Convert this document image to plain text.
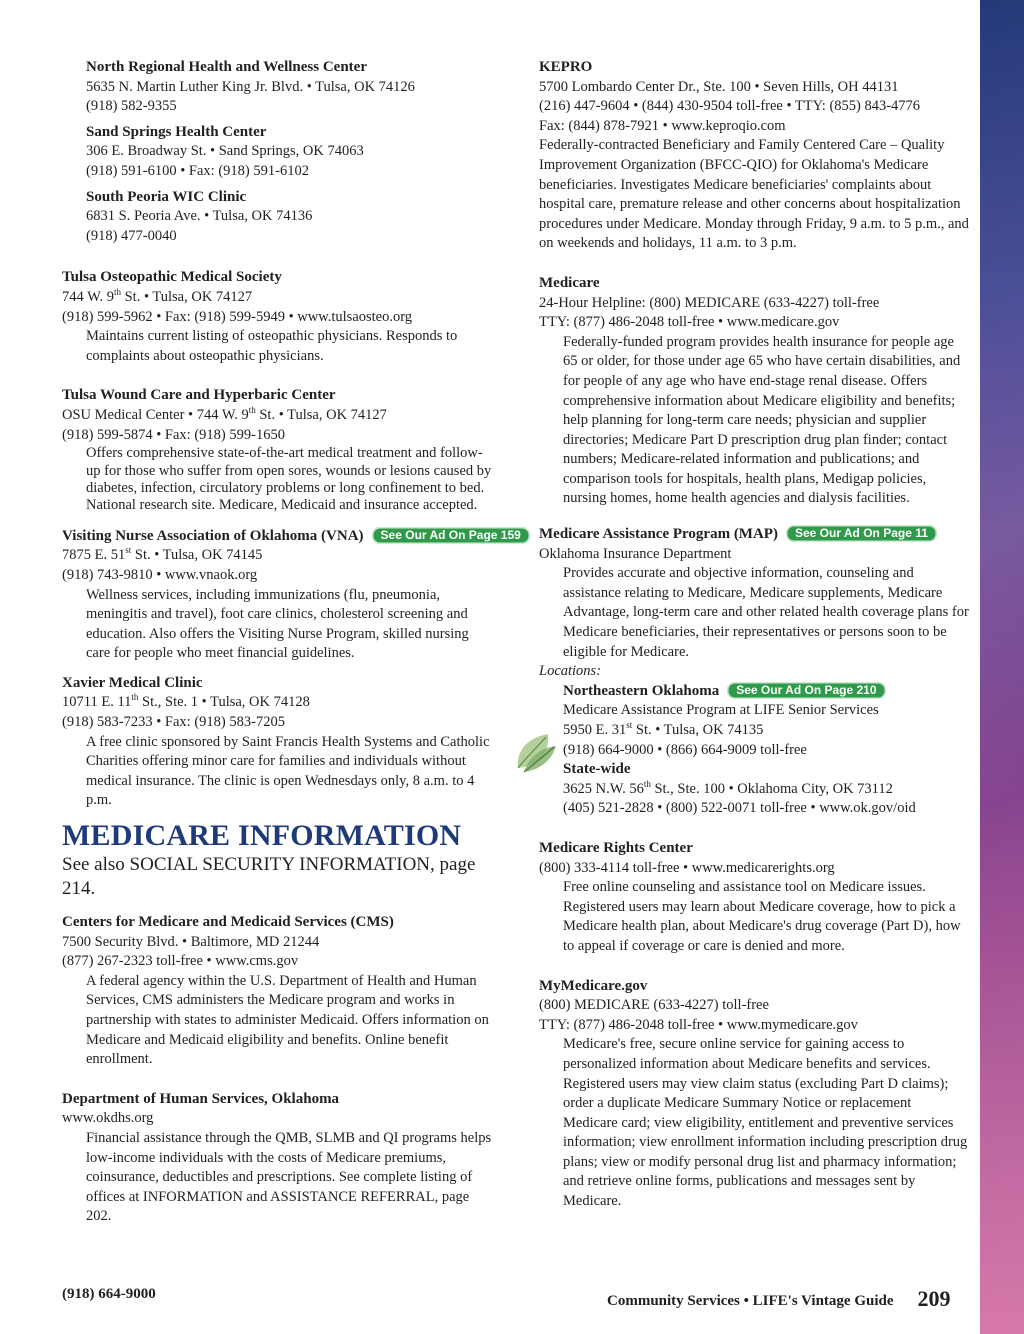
North Regional Health and Wellness Center
5635 N. Martin Luther King Jr. Blvd. • Tulsa, OK 74126
(918) 582-9355
Sand Springs Health Center
306 E. Broadway St. • Sand Springs, OK 74063
(918) 591-6100 • Fax: (918) 591-6102
South Peoria WIC Clinic
6831 S. Peoria Ave. • Tulsa, OK 74136
(918) 477-0040
Tulsa Osteopathic Medical Society
744 W. 9th St. • Tulsa, OK 74127
(918) 599-5962 • Fax: (918) 599-5949 • www.tulsaosteo.org
Maintains current listing of osteopathic physicians. Responds to complaints about osteopathic physicians.
Tulsa Wound Care and Hyperbaric Center
OSU Medical Center • 744 W. 9th St. • Tulsa, OK 74127
(918) 599-5874 • Fax: (918) 599-1650
Offers comprehensive state-of-the-art medical treatment and follow-up for those who suffer from open sores, wounds or lesions caused by diabetes, infection, circulatory problems or long confinement to bed. National research site. Medicare, Medicaid and insurance accepted.
Visiting Nurse Association of Oklahoma (VNA) See Our Ad On Page 159
7875 E. 51st St. • Tulsa, OK 74145
(918) 743-9810 • www.vnaok.org
Wellness services, including immunizations (flu, pneumonia, meningitis and travel), foot care clinics, cholesterol screening and education. Also offers the Visiting Nurse Program, skilled nursing care for people who meet financial guidelines.
Xavier Medical Clinic
10711 E. 11th St., Ste. 1 • Tulsa, OK 74128
(918) 583-7233 • Fax: (918) 583-7205
A free clinic sponsored by Saint Francis Health Systems and Catholic Charities offering minor care for families and individuals without medical insurance. The clinic is open Wednesdays only, 8 a.m. to 4 p.m.
MEDICARE INFORMATION
See also SOCIAL SECURITY INFORMATION, page 214.
Centers for Medicare and Medicaid Services (CMS)
7500 Security Blvd. • Baltimore, MD 21244
(877) 267-2323 toll-free • www.cms.gov
A federal agency within the U.S. Department of Health and Human Services, CMS administers the Medicare program and works in partnership with states to administer Medicaid. Offers information on Medicare and Medicaid eligibility and benefits. Online benefit enrollment.
Department of Human Services, Oklahoma
www.okdhs.org
Financial assistance through the QMB, SLMB and QI programs helps low-income individuals with the costs of Medicare premiums, coinsurance, deductibles and prescriptions. See complete listing of offices at INFORMATION and ASSISTANCE REFERRAL, page 202.
KEPRO
5700 Lombardo Center Dr., Ste. 100 • Seven Hills, OH 44131
(216) 447-9604 • (844) 430-9504 toll-free • TTY: (855) 843-4776
Fax: (844) 878-7921 • www.keproqio.com
Federally-contracted Beneficiary and Family Centered Care – Quality Improvement Organization (BFCC-QIO) for Oklahoma's Medicare beneficiaries. Investigates Medicare beneficiaries' complaints about hospital care, premature release and other concerns about hospitalization procedures under Medicare. Monday through Friday, 9 a.m. to 5 p.m., and on weekends and holidays, 11 a.m. to 3 p.m.
Medicare
24-Hour Helpline: (800) MEDICARE (633-4227) toll-free
TTY: (877) 486-2048 toll-free • www.medicare.gov
Federally-funded program provides health insurance for people age 65 or older, for those under age 65 who have certain disabilities, and for people of any age who have end-stage renal disease. Offers comprehensive information about Medicare eligibility and benefits; help planning for long-term care needs; physician and supplier directories; Medicare Part D prescription drug plan finder; contact numbers; Medicare-related information and publications; and comparison tools for hospitals, health plans, Medigap policies, nursing homes, home health agencies and dialysis facilities.
Medicare Assistance Program (MAP) See Our Ad On Page 11
Oklahoma Insurance Department
Provides accurate and objective information, counseling and assistance relating to Medicare, Medicare supplements, Medicare Advantage, long-term care and other related health coverage plans for Medicare beneficiaries, their representatives or persons soon to be eligible for Medicare.
Locations:
Northeastern Oklahoma See Our Ad On Page 210
Medicare Assistance Program at LIFE Senior Services
5950 E. 31st St. • Tulsa, OK 74135
(918) 664-9000 • (866) 664-9009 toll-free
State-wide
3625 N.W. 56th St., Ste. 100 • Oklahoma City, OK 73112
(405) 521-2828 • (800) 522-0071 toll-free • www.ok.gov/oid
Medicare Rights Center
(800) 333-4114 toll-free • www.medicarerights.org
Free online counseling and assistance tool on Medicare issues. Registered users may learn about Medicare coverage, how to pick a Medicare health plan, about Medicare's drug coverage (Part D), how to appeal if coverage or care is denied and more.
MyMedicare.gov
(800) MEDICARE (633-4227) toll-free
TTY: (877) 486-2048 toll-free • www.mymedicare.gov
Medicare's free, secure online service for gaining access to personalized information about Medicare benefits and services. Registered users may view claim status (excluding Part D claims); order a duplicate Medicare Summary Notice or replacement Medicare card; view eligibility, entitlement and preventive services information; view enrollment information including prescription drug plans; view or modify personal drug list and pharmacy information; and retrieve online forms, publications and messages sent by Medicare.
(918) 664-9000	Community Services • LIFE's Vintage Guide 209
